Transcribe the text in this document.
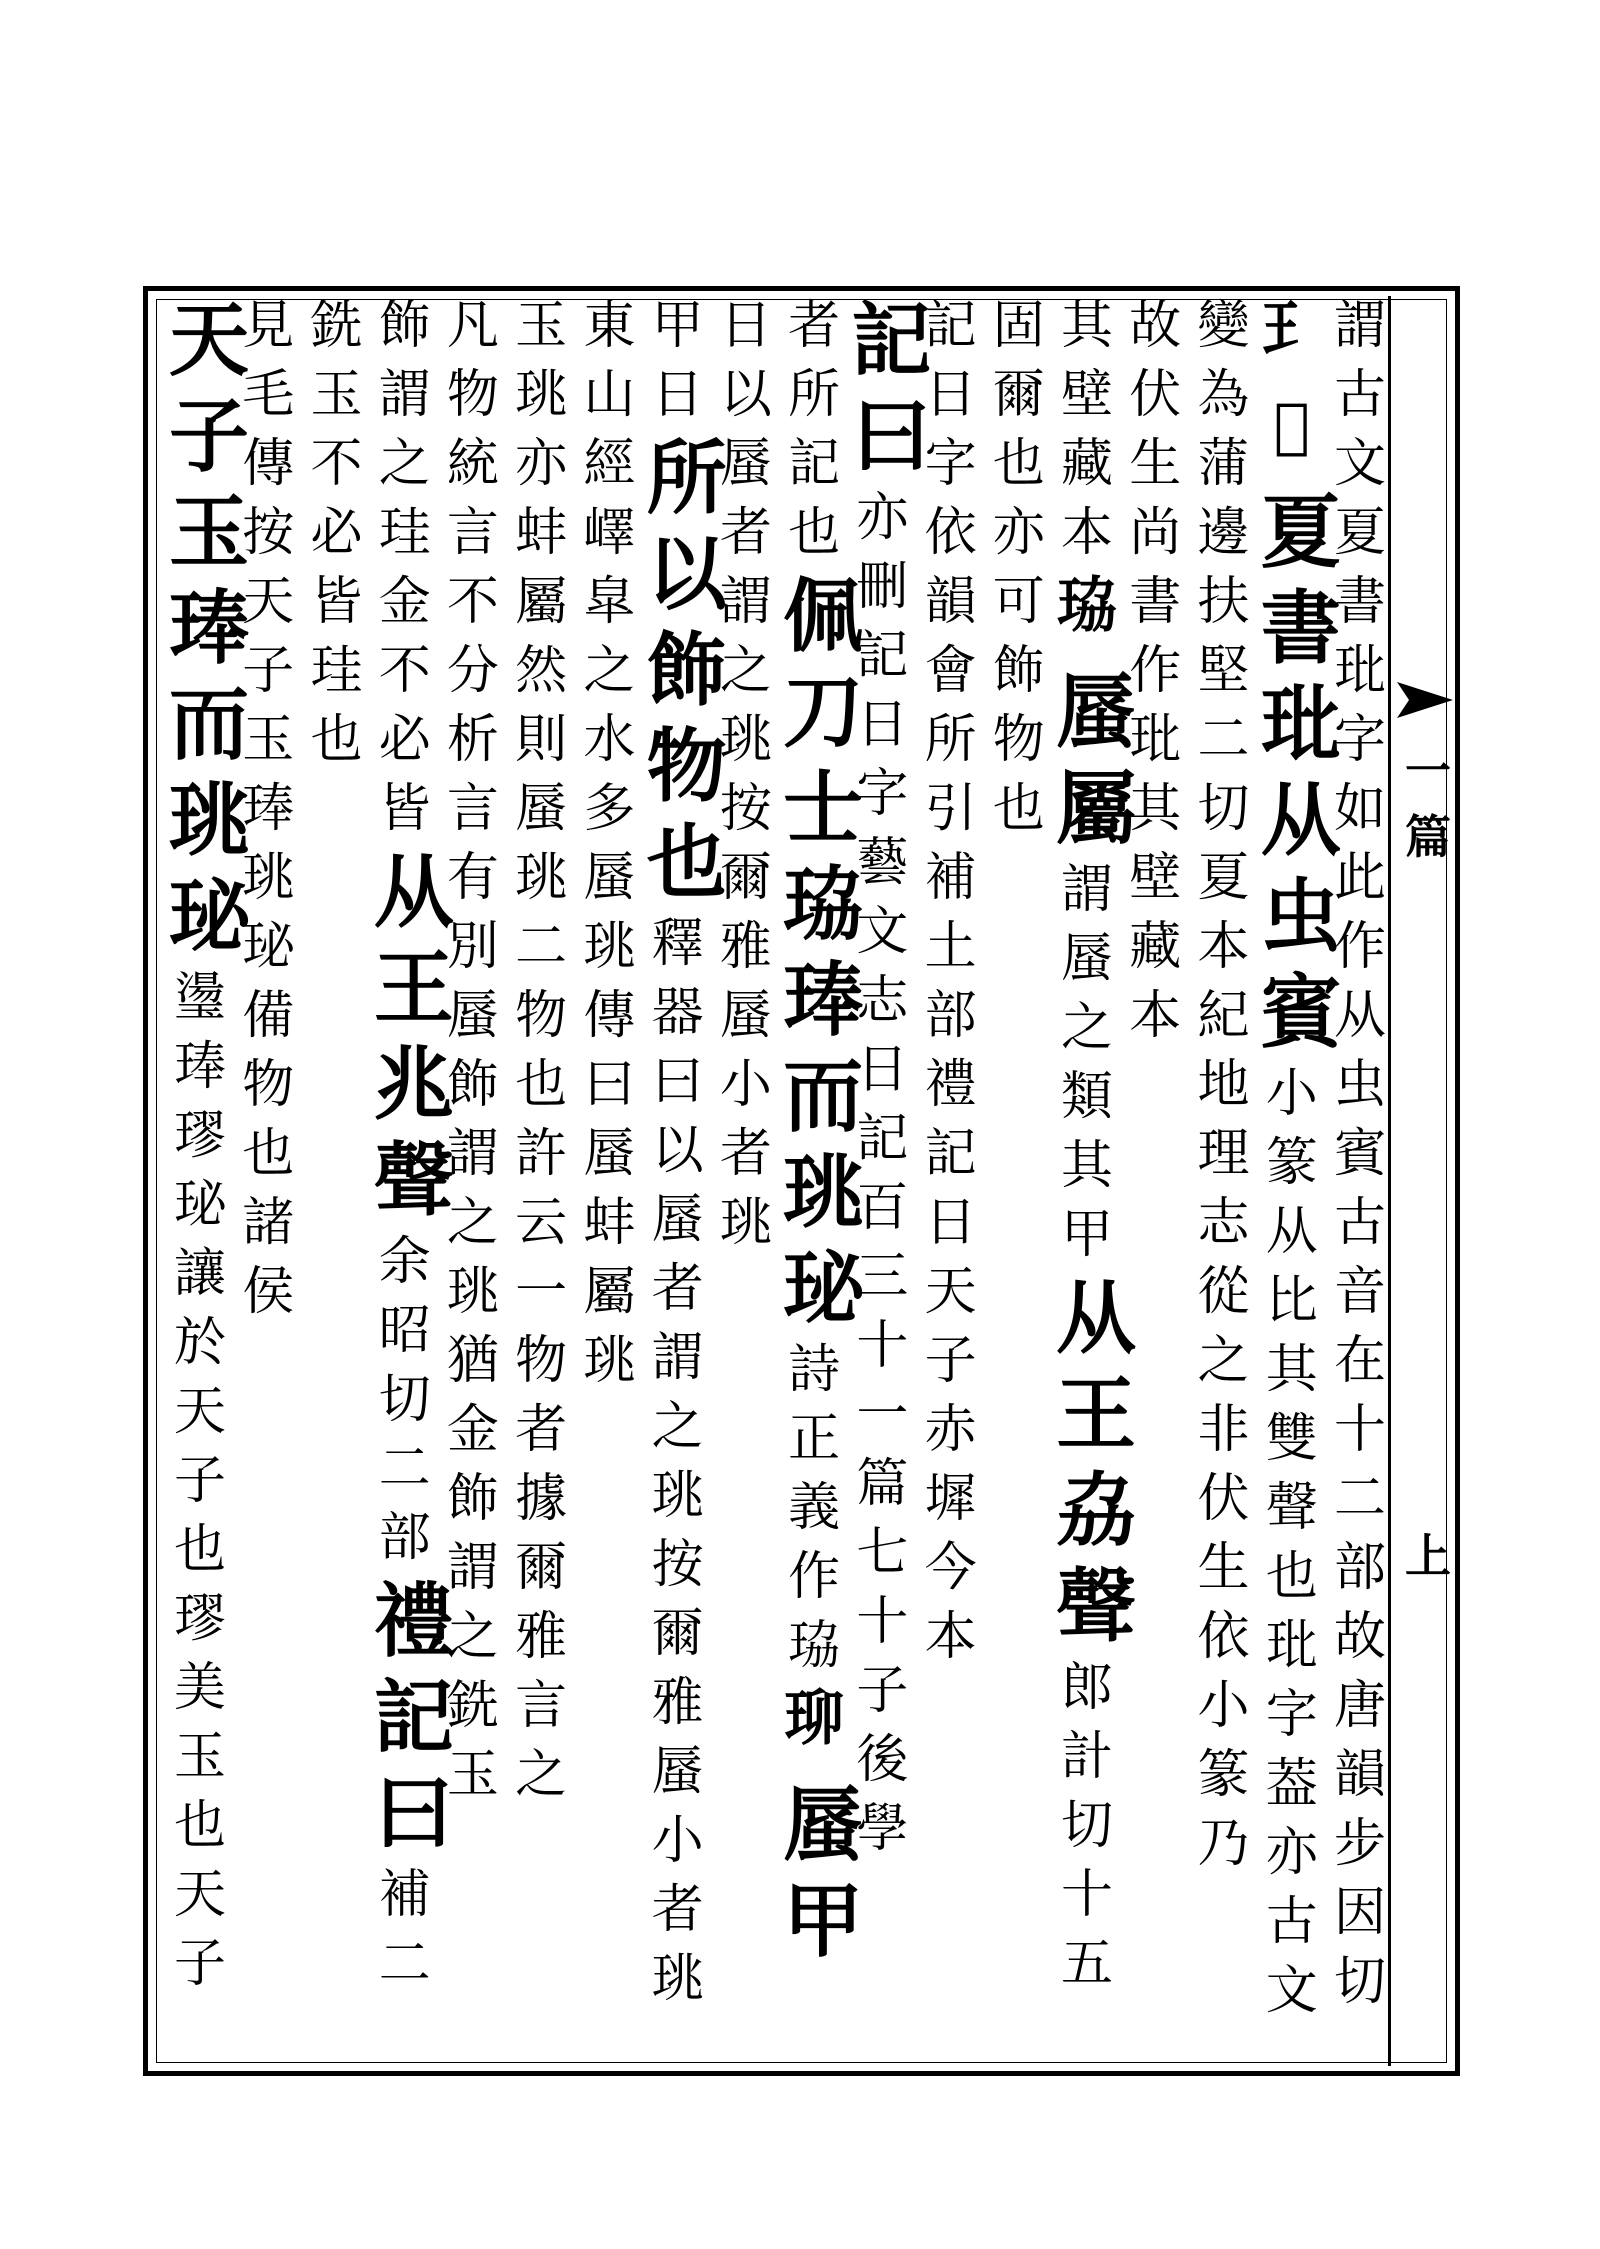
一篇
上
謂
古
文
夏
書
玭
字
如
此
作
从
虫
賓
古
音
在
十
二
部
故
唐
韻
步
因
切
𤣩
𧉙
夏
書
玭
从
虫
賓
小
篆
从
比
其
雙
聲
也
玭
字
葢
亦
古
文
變
為
蒲
邊
扶
堅
二
切
夏
本
紀
地
理
志
從
之
非
伏
生
依
小
篆
乃
故
伏
生
尚
書
作
玭
其
壁
藏
本
其
壁
藏
本
珕
蜃
屬
謂
蜃
之
類
其
甲
从
王
劦
聲
郎
計
切
十
五
固
爾
也
亦
可
飾
物
也
記
日
字
依
韻
會
所
引
補
土
部
禮
記
日
天
子
赤
墀
今
本
記
曰
亦
刪
記
日
字
藝
文
志
日
記
百
三
十
一
篇
七
十
子
後
學
者
所
記
也
佩
刀
士
珕
琫
而
珧
珌
詩
正
義
作
珕
珋
蜃
甲
日
以
蜃
者
謂
之
珧
按
爾
雅
蜃
小
者
珧
甲
日
所
以
飾
物
也
釋
器
曰
以
蜃
者
謂
之
珧
按
爾
雅
蜃
小
者
珧
東
山
經
嶧
皐
之
水
多
蜃
珧
傳
曰
蜃
蚌
屬
珧
玉
珧
亦
蚌
屬
然
則
蜃
珧
二
物
也
許
云
一
物
者
據
爾
雅
言
之
凡
物
統
言
不
分
析
言
有
別
蜃
飾
謂
之
珧
猶
金
飾
謂
之
銑
玉
飾
謂
之
珪
金
不
必
皆
从
王
兆
聲
余
昭
切
二
部
禮
記
曰
補
二
銑
玉
不
必
皆
珪
也
見
毛
傳
按
天
子
玉
琫
珧
珌
備
物
也
諸
侯
天
子
玉
琫
而
珧
珌
璗
琫
璆
珌
讓
於
天
子
也
璆
美
玉
也
天
子
